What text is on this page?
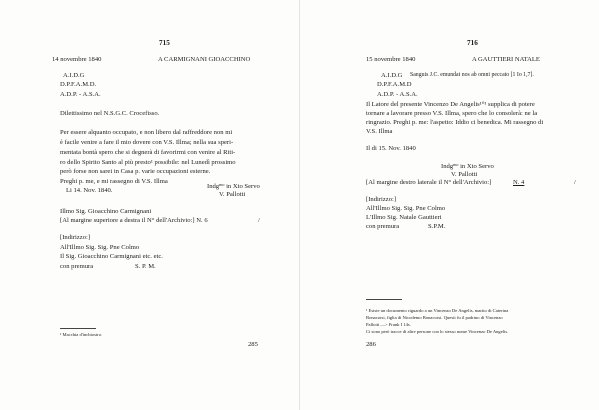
715
14 novembre 1840	A CARMIGNANI GIOACCHINO
A.I.D.G
D.P.F.A.M.D.
A.D.P. - A.S.A.
Dilettissimo nel N.S.G.C. Crocefisso.
Per essere alquanto occupato, e non libero dal raffreddore non mi
è facile venire a fare il mio dovere con V.S. Illma; nella sua speri-
mentata bontà spero che si degnerà di favorirmi con venire al Riti-
ro dello Spirito Santo al più presto¹ possibile: nel Lunedì prossimo
però forse non sarei in Casa p. varie occupazioni esterne.
Preghi p. me, e mi rassegno di V.S. Illma
Li 14. Nov. 1840.
Indg$^{mo}$ in Xto Servo
V. Pallotti
Illmo Sig. Gioacchino Carmignani
[Al margine superiore a destra il N° dell'Archivio:] N. 6	/
[Indirizzo:]
All'Illmo Sig. Sig. Pne Colmo
Il Sig. Gioacchino Carmignani etc. etc.
con premura	S. P. M.
¹ Macchia d'inchiostro.
285
716
15 novembre 1840	A GAUTTIERI NATALE
A.I.D.G Sanguis J.C. emundat nos ab omni peccato [1 Io 1,7].
D.P.F.A.M.D
A.D.P. - A.S.A.
Il Latore del presente Vincenzo De Angelis¹⁰¹ supplica di potere
tornare a lavorare presso V.S. Illma, spero che lo consolerà: ne la
ringrazio. Preghi p. me: l'aspetto: Iddio ci benedica. Mi rassegno di
V.S. Illma
Il di 15. Nov. 1840
Indg$^{mo}$ in Xto Servo
V. Pallotti
[Al margine destro laterale il N° dell'Archivio:]	N. 4	/
[Indirizzo:]
All'Illmo Sig. Sig. Pne Colmo
L'Illmo Sig. Natale Gauttieri
con premura	S.P.M.
¹ Esiste un documento riguardo a un Vincenzo De Angelis, marito di Caterina
Bonacorsi, figlia di Nicodemo Bonacorsi. Questi fu il padrino di Vincenzo
Pallotti —> Frank I 14s.
Ci sono però tracce di altre persone con lo stesso nome Vincenzo De Angelis.
286
